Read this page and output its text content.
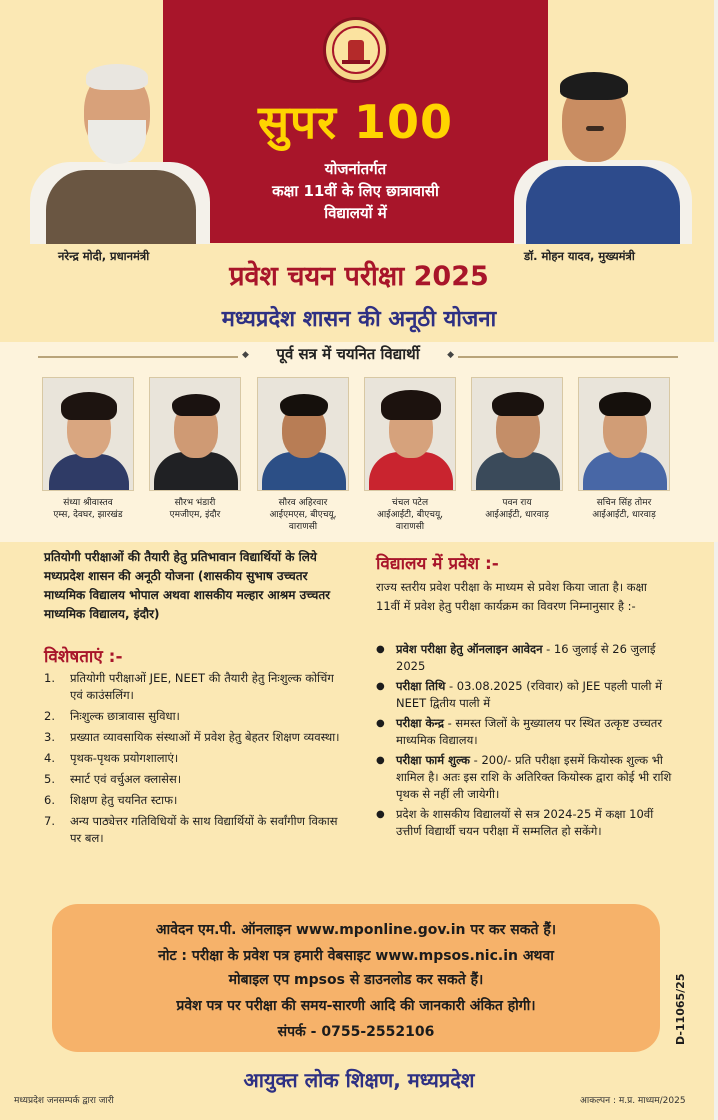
सुपर 100
योजनांतर्गत
कक्षा 11वीं के लिए छात्रावासी
विद्यालयों में
नरेन्द्र मोदी, प्रधानमंत्री	डॉ. मोहन यादव, मुख्यमंत्री
प्रवेश चयन परीक्षा 2025
मध्यप्रदेश शासन की अनूठी योजना
◆ पूर्व सत्र में चयनित विद्यार्थी ◆
संध्या श्रीवास्तव
एम्स, देवघर, झारखंड
सौरभ भंडारी
एमजीएम, इंदौर
सौरव अहिरवार
आईएमएस, बीएचयू, वाराणसी
चंचल पटेल
आईआईटी, बीएचयू, वाराणसी
पवन राय
आईआईटी, धारवाड़
सचिन सिंह तोमर
आईआईटी, धारवाड़
प्रतियोगी परीक्षाओं की तैयारी हेतु प्रतिभावान विद्यार्थियों के लिये मध्यप्रदेश शासन की अनूठी योजना (शासकीय सुभाष उच्चतर माध्यमिक विद्यालय भोपाल अथवा शासकीय मल्हार आश्रम उच्चतर माध्यमिक विद्यालय, इंदौर)
विशेषताएं :-
1.	प्रतियोगी परीक्षाओं JEE, NEET की तैयारी हेतु निःशुल्क कोचिंग एवं काउंसलिंग।
2.	निःशुल्क छात्रावास सुविधा।
3.	प्रख्यात व्यावसायिक संस्थाओं में प्रवेश हेतु बेहतर शिक्षण व्यवस्था।
4.	पृथक-पृथक प्रयोगशालाएं।
5.	स्मार्ट एवं वर्चुअल क्लासेस।
6.	शिक्षण हेतु चयनित स्टाफ।
7.	अन्य पाठ्येत्तर गतिविधियों के साथ विद्यार्थियों के सर्वांगीण विकास पर बल।
विद्यालय में प्रवेश :-
राज्य स्तरीय प्रवेश परीक्षा के माध्यम से प्रवेश किया जाता है। कक्षा 11वीं में प्रवेश हेतु परीक्षा कार्यक्रम का विवरण निम्नानुसार है :-
● प्रवेश परीक्षा हेतु ऑनलाइन आवेदन - 16 जुलाई से 26 जुलाई 2025
● परीक्षा तिथि - 03.08.2025 (रविवार) को JEE पहली पाली में NEET द्वितीय पाली में
● परीक्षा केन्द्र - समस्त जिलों के मुख्यालय पर स्थित उत्कृष्ट उच्चतर माध्यमिक विद्यालय।
● परीक्षा फार्म शुल्क - 200/- प्रति परीक्षा इसमें कियोस्क शुल्क भी शामिल है। अतः इस राशि के अतिरिक्त कियोस्क द्वारा कोई भी राशि पृथक से नहीं ली जायेगी।
● प्रदेश के शासकीय विद्यालयों से सत्र 2024-25 में कक्षा 10वीं उत्तीर्ण विद्यार्थी चयन परीक्षा में सम्मलित हो सकेंगे।
आवेदन एम.पी. ऑनलाइन www.mponline.gov.in पर कर सकते हैं।
नोट : परीक्षा के प्रवेश पत्र हमारी वेबसाइट www.mpsos.nic.in अथवा
मोबाइल एप mpsos से डाउनलोड कर सकते हैं।
प्रवेश पत्र पर परीक्षा की समय-सारणी आदि की जानकारी अंकित होगी।
संपर्क - 0755-2552106	D-11065/25
आयुक्त लोक शिक्षण, मध्यप्रदेश
मध्यप्रदेश जनसम्पर्क द्वारा जारी	आकल्पन : म.प्र. माध्यम/2025
